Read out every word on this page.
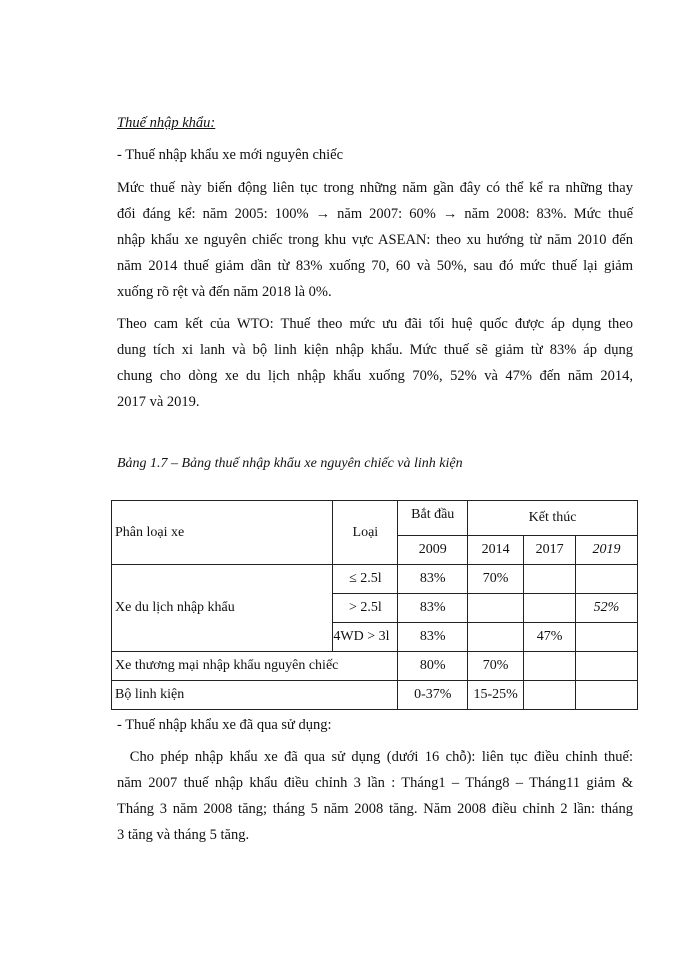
Thuế nhập khẩu:
- Thuế nhập khẩu xe mới nguyên chiếc
Mức thuế này biến động liên tục trong những năm gần đây có thể kể ra những thay
đổi đáng kể: năm 2005: 100% → năm 2007: 60% → năm 2008: 83%. Mức thuế
nhập khẩu xe nguyên chiếc trong khu vực ASEAN: theo xu hướng từ năm 2010 đến
năm 2014 thuế giảm dần từ 83% xuống 70, 60 và 50%, sau đó mức thuế lại giảm
xuống rõ rệt và đến năm 2018 là 0%.
Theo cam kết của WTO: Thuế theo mức ưu đãi tối huệ quốc được áp dụng theo
dung tích xi lanh và bộ linh kiện nhập khẩu. Mức thuế sẽ giảm từ 83% áp dụng
chung cho dòng xe du lịch nhập khẩu xuống 70%, 52% và 47% đến năm 2014,
2017 và 2019.
Bảng 1.7 – Bảng thuế nhập khẩu xe nguyên chiếc và linh kiện
Phân loại xe	Loại	Bắt đầu	Kết thúc		
		2009	2014	2017	2019
Xe du lịch nhập khẩu	≤ 2.5l	83%	70%		
	> 2.5l	83%			52%
	4WD > 3l	83%		47%	
Xe thương mại nhập khẩu nguyên chiếc		80%	70%		
Bộ linh kiện		0-37%	15-25%		
- Thuế nhập khẩu xe đã qua sử dụng:
Cho phép nhập khẩu xe đã qua sử dụng (dưới 16 chỗ): liên tục điều chỉnh thuế:
năm 2007 thuế nhập khẩu điều chỉnh 3 lần : Tháng1 – Tháng8 – Tháng11 giảm &
Tháng 3 năm 2008 tăng; tháng 5 năm 2008 tăng. Năm 2008 điều chỉnh 2 lần: tháng
3 tăng và tháng 5 tăng.
